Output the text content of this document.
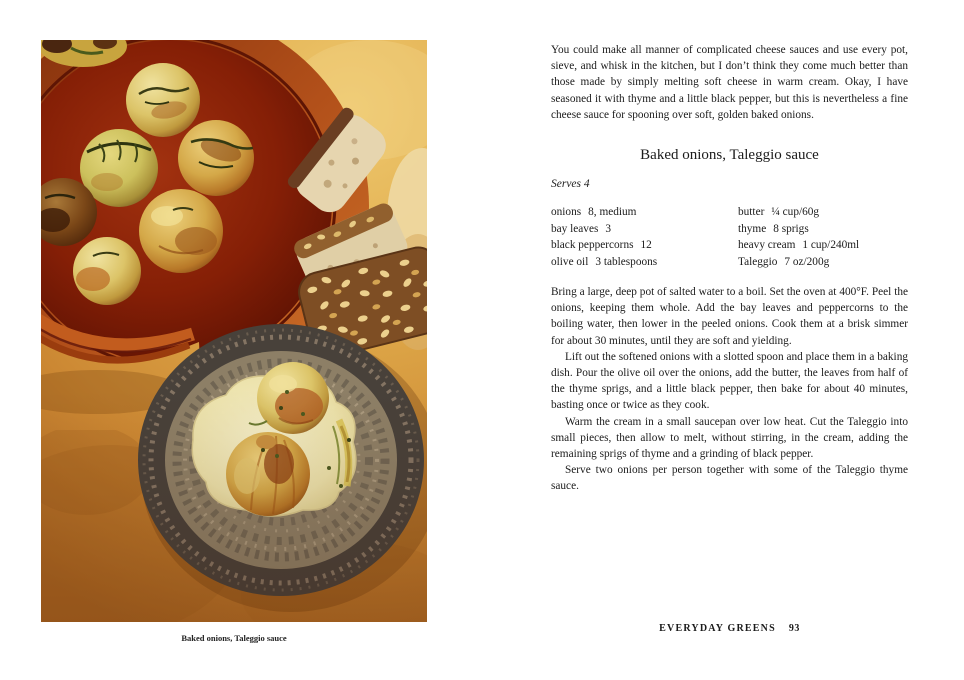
Baked onions, Taleggio sauce
You could make all manner of complicated cheese sauces and use every pot, sieve, and whisk in the kitchen, but I don’t think they come much better than those made by simply melting soft cheese in warm cream. Okay, I have seasoned it with thyme and a little black pepper, but this is nevertheless a fine cheese sauce for spooning over soft, golden baked onions.
Baked onions, Taleggio sauce
Serves 4
onions 8, medium
bay leaves 3
black peppercorns 12
olive oil 3 tablespoons
butter ¼ cup/60g
thyme 8 sprigs
heavy cream 1 cup/240ml
Taleggio 7 oz/200g

Bring a large, deep pot of salted water to a boil. Set the oven at 400°F. Peel the onions, keeping them whole. Add the bay leaves and peppercorns to the boiling water, then lower in the peeled onions. Cook them at a brisk simmer for about 30 minutes, until they are soft and yielding.

Lift out the softened onions with a slotted spoon and place them in a baking dish. Pour the olive oil over the onions, add the butter, the leaves from half of the thyme sprigs, and a little black pepper, then bake for about 40 minutes, basting once or twice as they cook.

Warm the cream in a small saucepan over low heat. Cut the Taleggio into small pieces, then allow to melt, without stirring, in the cream, adding the remaining sprigs of thyme and a grinding of black pepper.

Serve two onions per person together with some of the Taleggio thyme sauce.

EVERYDAY GREENS 93
